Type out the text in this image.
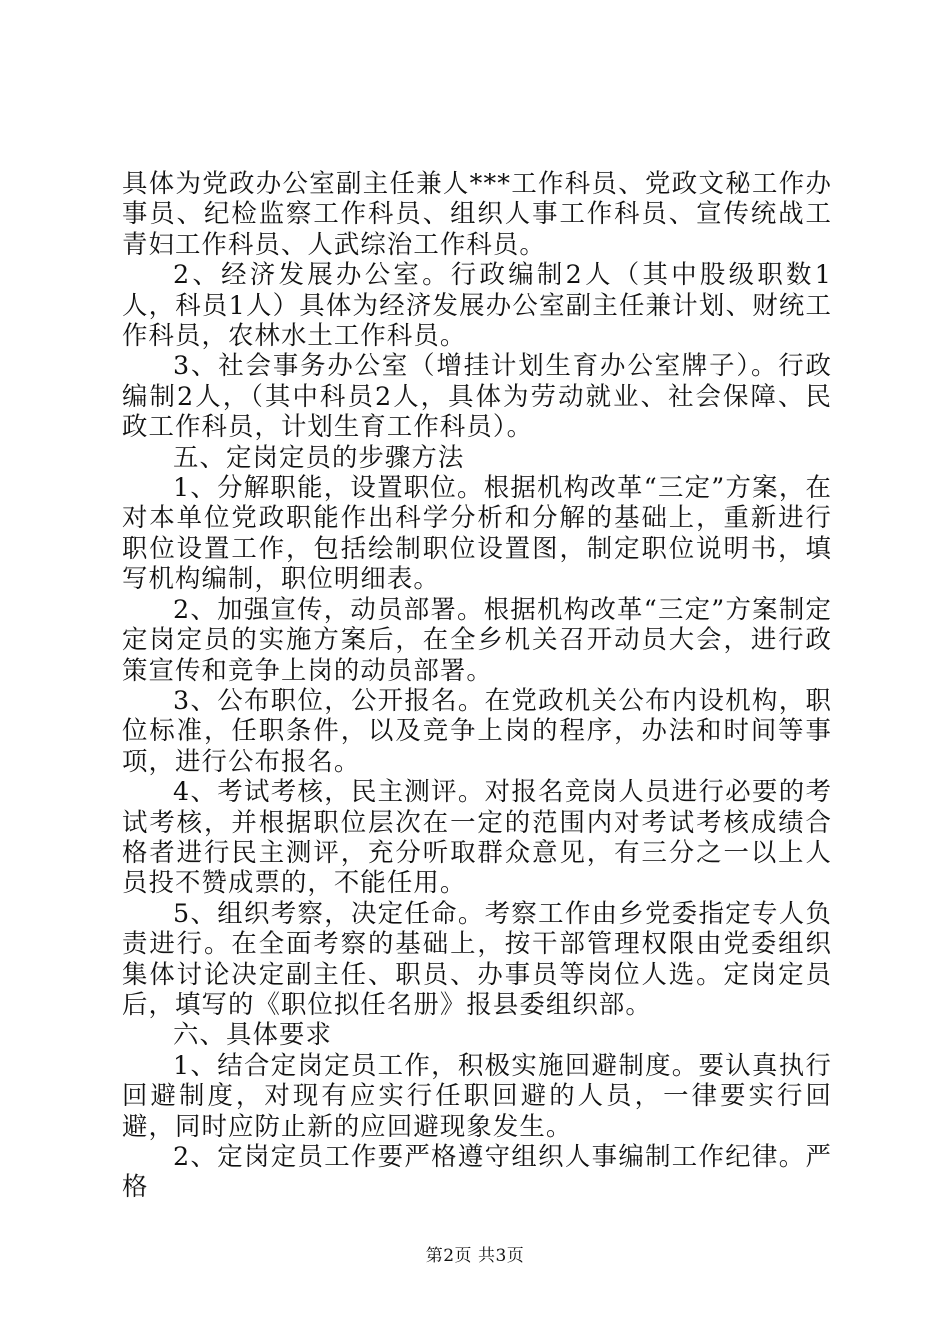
具体为党政办公室副主任兼人***工作科员、党政文秘工作办事员、纪检监察工作科员、组织人事工作科员、宣传统战工青妇工作科员、人武综治工作科员。

2、经济发展办公室。行政编制2人（其中股级职数1人，科员1人）具体为经济发展办公室副主任兼计划、财统工作科员，农林水土工作科员。

3、社会事务办公室（增挂计划生育办公室牌子）。行政编制2人，（其中科员2人，具体为劳动就业、社会保障、民政工作科员，计划生育工作科员）。

五、定岗定员的步骤方法

1、分解职能，设置职位。根据机构改革“三定”方案，在对本单位党政职能作出科学分析和分解的基础上，重新进行职位设置工作，包括绘制职位设置图，制定职位说明书，填写机构编制，职位明细表。

2、加强宣传，动员部署。根据机构改革“三定”方案制定定岗定员的实施方案后，在全乡机关召开动员大会，进行政策宣传和竞争上岗的动员部署。

3、公布职位，公开报名。在党政机关公布内设机构，职位标准，任职条件，以及竞争上岗的程序，办法和时间等事项，进行公布报名。

4、考试考核，民主测评。对报名竞岗人员进行必要的考试考核，并根据职位层次在一定的范围内对考试考核成绩合格者进行民主测评，充分听取群众意见，有三分之一以上人员投不赞成票的，不能任用。

5、组织考察，决定任命。考察工作由乡党委指定专人负责进行。在全面考察的基础上，按干部管理权限由党委组织集体讨论决定副主任、职员、办事员等岗位人选。定岗定员后，填写的《职位拟任名册》报县委组织部。

六、具体要求

1、结合定岗定员工作，积极实施回避制度。要认真执行回避制度，对现有应实行任职回避的人员，一律要实行回避，同时应防止新的应回避现象发生。

2、定岗定员工作要严格遵守组织人事编制工作纪律。严格

第2页 共3页
